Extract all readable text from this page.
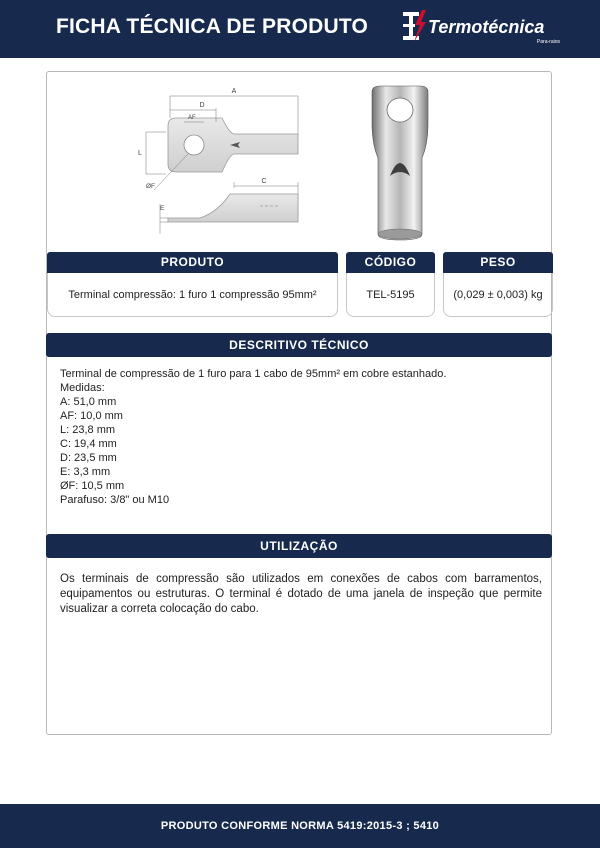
FICHA TÉCNICA DE PRODUTO	Termotécnica
Para-raios
A
D
AF
L
ØF
C
E
PRODUTO	CÓDIGO	PESO
Terminal compressão: 1 furo 1 compressão 95mm²	TEL-5195	(0,029 ± 0,003) kg
DESCRITIVO TÉCNICO
Terminal de compressão de 1 furo para 1 cabo de 95mm² em cobre estanhado.
Medidas:
A: 51,0 mm
AF: 10,0 mm
L: 23,8 mm
C: 19,4 mm
D: 23,5 mm
E: 3,3 mm
ØF: 10,5 mm
Parafuso: 3/8" ou M10
UTILIZAÇÃO
Os terminais de compressão são utilizados em conexões de cabos com barramentos, equipamentos ou estruturas. O terminal é dotado de uma janela de inspeção que permite visualizar a correta colocação do cabo.
PRODUTO CONFORME NORMA 5419:2015-3 ; 5410
